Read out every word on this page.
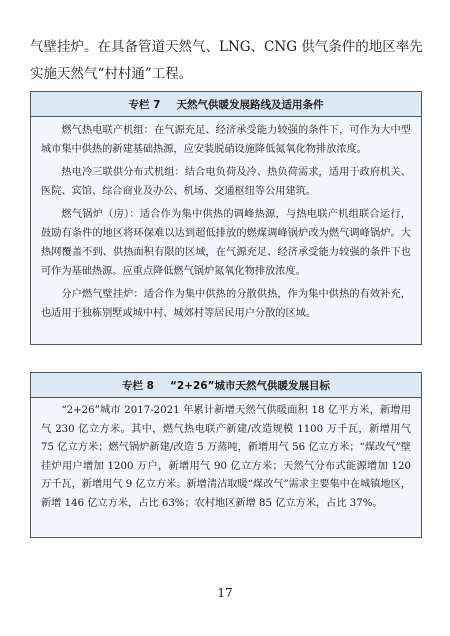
气壁挂炉。在具备管道天然气、LNG、CNG 供气条件的地区率先

实施天然气“村村通”工程。

专栏 7 天然气供暖发展路线及适用条件

燃气热电联产机组：在气源充足、经济承受能力较强的条件下，可作为大中型城市集中供热的新建基础热源，应安装脱硝设施降低氮氧化物排放浓度。

热电冷三联供分布式机组：结合电负荷及冷、热负荷需求，适用于政府机关、医院、宾馆、综合商业及办公、机场、交通枢纽等公用建筑。

燃气锅炉（房）：适合作为集中供热的调峰热源，与热电联产机组联合运行，鼓励有条件的地区将环保难以达到超低排放的燃煤调峰锅炉改为燃气调峰锅炉。大热网覆盖不到、供热面积有限的区域，在气源充足、经济承受能力较强的条件下也可作为基础热源。应重点降低燃气锅炉氮氧化物排放浓度。

分户燃气壁挂炉：适合作为集中供热的分散供热，作为集中供热的有效补充，也适用于独栋别墅或城中村、城郊村等居民用户分散的区域。

专栏 8 “2+26”城市天然气供暖发展目标

“2+26”城市 2017-2021 年累计新增天然气供暖面积 18 亿平方米，新增用气 230 亿立方米。其中，燃气热电联产新建/改造规模 1100 万千瓦，新增用气 75 亿立方米；燃气锅炉新建/改造 5 万蒸吨，新增用气 56 亿立方米；“煤改气”壁挂炉用户增加 1200 万户，新增用气 90 亿立方米；天然气分布式能源增加 120 万千瓦，新增用气 9 亿立方米。新增清洁取暖“煤改气”需求主要集中在城镇地区，新增 146 亿立方米，占比 63%；农村地区新增 85 亿立方米，占比 37%。

17
